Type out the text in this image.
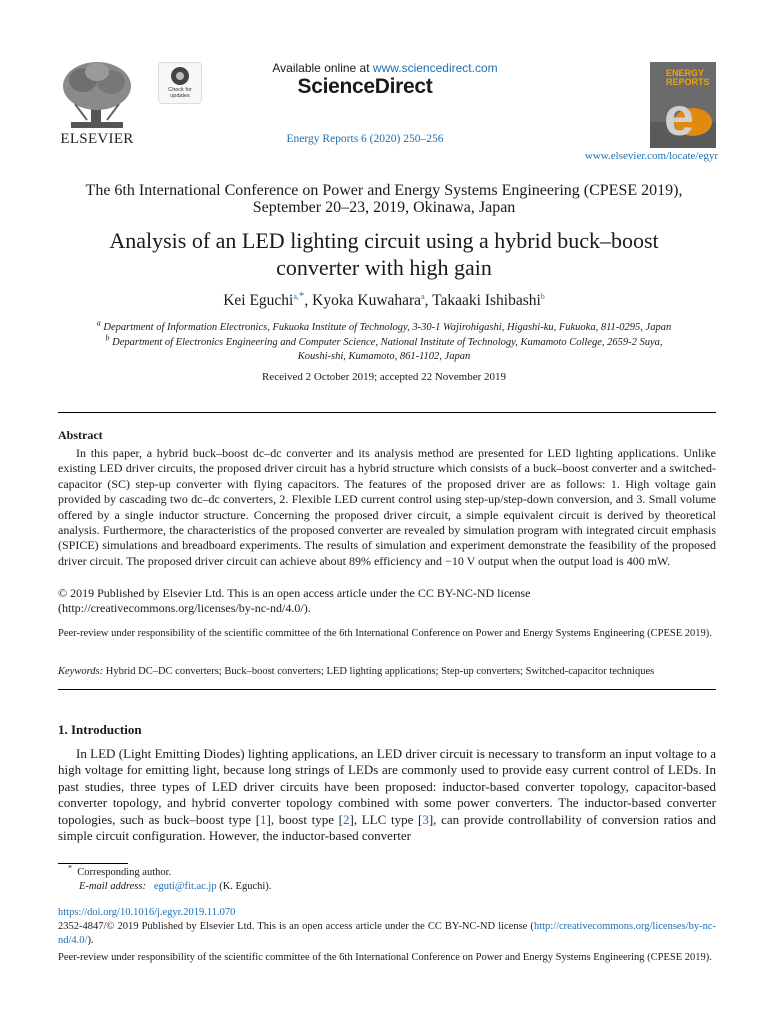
ELSEVIER
Check for updates
Available online at www.sciencedirect.com
ScienceDirect
Energy Reports 6 (2020) 250–256
ENERGY REPORTS
e
www.elsevier.com/locate/egyr
The 6th International Conference on Power and Energy Systems Engineering (CPESE 2019),
September 20–23, 2019, Okinawa, Japan
Analysis of an LED lighting circuit using a hybrid buck–boost
converter with high gain
Kei Eguchi$^{a,*}$, Kyoka Kuwahara$^a$, Takaaki Ishibashi$^b$
$^a$ Department of Information Electronics, Fukuoka Institute of Technology, 3-30-1 Wajirohigashi, Higashi-ku, Fukuoka, 811-0295, Japan
$^b$ Department of Electronics Engineering and Computer Science, National Institute of Technology, Kumamoto College, 2659-2 Suya,
Koushi-shi, Kumamoto, 861-1102, Japan
Received 2 October 2019; accepted 22 November 2019
Abstract
In this paper, a hybrid buck–boost dc–dc converter and its analysis method are presented for LED lighting applications. Unlike existing LED driver circuits, the proposed driver circuit has a hybrid structure which consists of a buck–boost converter and a switched-capacitor (SC) step-up converter with flying capacitors. The features of the proposed driver are as follows: 1. High voltage gain provided by cascading two dc–dc converters, 2. Flexible LED current control using step-up/step-down conversion, and 3. Small volume offered by a single inductor structure. Concerning the proposed driver circuit, a simple equivalent circuit is derived by theoretical analysis. Furthermore, the characteristics of the proposed converter are revealed by simulation program with integrated circuit emphasis (SPICE) simulations and breadboard experiments. The results of simulation and experiment demonstrate the feasibility of the proposed driver circuit. The proposed driver circuit can achieve about 89% efficiency and −10 V output when the output load is 400 mW.
© 2019 Published by Elsevier Ltd. This is an open access article under the CC BY-NC-ND license
(http://creativecommons.org/licenses/by-nc-nd/4.0/).
Peer-review under responsibility of the scientific committee of the 6th International Conference on Power and Energy Systems Engineering (CPESE 2019).
Keywords: Hybrid DC–DC converters; Buck–boost converters; LED lighting applications; Step-up converters; Switched-capacitor techniques
1. Introduction
In LED (Light Emitting Diodes) lighting applications, an LED driver circuit is necessary to transform an input voltage to a high voltage for emitting light, because long strings of LEDs are commonly used to provide easy current control of LEDs. In past studies, three types of LED driver circuits have been proposed: inductor-based converter topology, capacitor-based converter topology, and hybrid converter topology combined with some power converters. The inductor-based converter topologies, such as buck–boost type [1], boost type [2], LLC type [3], can provide controllability of conversion ratios and simple circuit configuration. However, the inductor-based converter
* Corresponding author.
E-mail address: eguti@fit.ac.jp (K. Eguchi).
https://doi.org/10.1016/j.egyr.2019.11.070
2352-4847/© 2019 Published by Elsevier Ltd. This is an open access article under the CC BY-NC-ND license (http://creativecommons.org/licenses/by-nc-nd/4.0/).
Peer-review under responsibility of the scientific committee of the 6th International Conference on Power and Energy Systems Engineering (CPESE 2019).
